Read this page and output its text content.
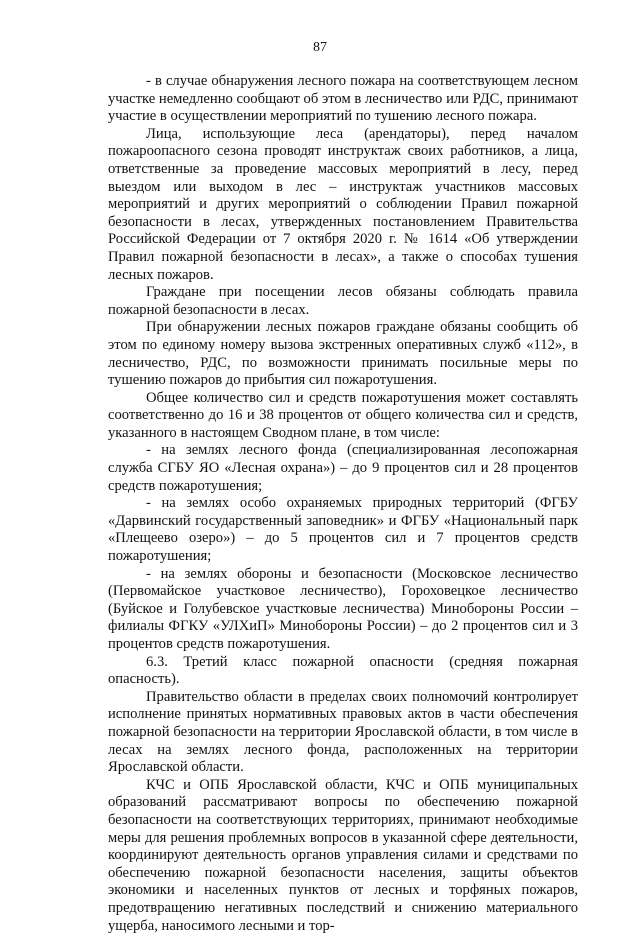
87

- в случае обнаружения лесного пожара на соответствующем лесном участке немедленно сообщают об этом в лесничество или РДС, принимают участие в осуществлении мероприятий по тушению лесного пожара.

Лица, использующие леса (арендаторы), перед началом пожароопасного сезона проводят инструктаж своих работников, а лица, ответственные за проведение массовых мероприятий в лесу, перед выездом или выходом в лес – инструктаж участников массовых мероприятий и других мероприятий о соблюдении Правил пожарной безопасности в лесах, утвержденных постановлением Правительства Российской Федерации от 7 октября 2020 г. № 1614 «Об утверждении Правил пожарной безопасности в лесах», а также о способах тушения лесных пожаров.

Граждане при посещении лесов обязаны соблюдать правила пожарной безопасности в лесах.

При обнаружении лесных пожаров граждане обязаны сообщить об этом по единому номеру вызова экстренных оперативных служб «112», в лесничество, РДС, по возможности принимать посильные меры по тушению пожаров до прибытия сил пожаротушения.

Общее количество сил и средств пожаротушения может составлять соответственно до 16 и 38 процентов от общего количества сил и средств, указанного в настоящем Сводном плане, в том числе:

- на землях лесного фонда (специализированная лесопожарная служба СГБУ ЯО «Лесная охрана») – до 9 процентов сил и 28 процентов средств пожаротушения;

- на землях особо охраняемых природных территорий (ФГБУ «Дарвинский государственный заповедник» и ФГБУ «Национальный парк «Плещеево озеро») – до 5 процентов сил и 7 процентов средств пожаротушения;

- на землях обороны и безопасности (Московское лесничество (Первомайское участковое лесничество), Гороховецкое лесничество (Буйское и Голубевское участковые лесничества) Минобороны России – филиалы ФГКУ «УЛХиП» Минобороны России) – до 2 процентов сил и 3 процентов средств пожаротушения.

6.3. Третий класс пожарной опасности (средняя пожарная опасность).

Правительство области в пределах своих полномочий контролирует исполнение принятых нормативных правовых актов в части обеспечения пожарной безопасности на территории Ярославской области, в том числе в лесах на землях лесного фонда, расположенных на территории Ярославской области.

КЧС и ОПБ Ярославской области, КЧС и ОПБ муниципальных образований рассматривают вопросы по обеспечению пожарной безопасности на соответствующих территориях, принимают необходимые меры для решения проблемных вопросов в указанной сфере деятельности, координируют деятельность органов управления силами и средствами по обеспечению пожарной безопасности населения, защиты объектов экономики и населенных пунктов от лесных и торфяных пожаров, предотвращению негативных последствий и снижению материального ущерба, наносимого лесными и тор-
